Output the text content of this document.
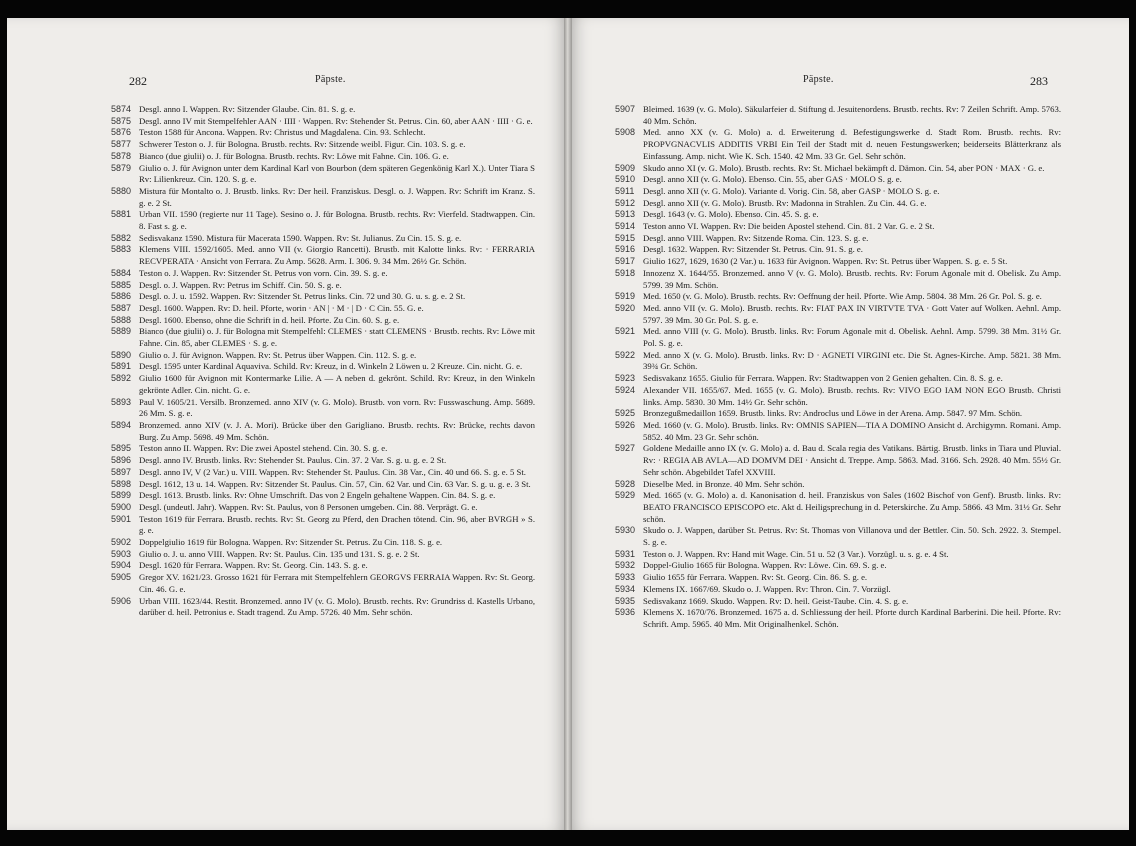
282	Päpste.
5874 Desgl. anno I. Wappen. Rv: Sitzender Glaube. Cin. 81. S. g. e.
5875 Desgl. anno IV mit Stempelfehler AAN · IIII · Wappen. Rv: Stehender St. Petrus. Cin. 60, aber AAN · IIII · G. e.
5876 Teston 1588 für Ancona. Wappen. Rv: Christus und Magdalena. Cin. 93. Schlecht.
5877 Schwerer Teston o. J. für Bologna. Brustb. rechts. Rv: Sitzende weibl. Figur. Cin. 103. S. g. e.
5878 Bianco (due giulii) o. J. für Bologna. Brustb. rechts. Rv: Löwe mit Fahne. Cin. 106. G. e.
5879 Giulio o. J. für Avignon unter dem Kardinal Karl von Bourbon (dem späteren Gegenkönig Karl X.). Unter Tiara S Rv: Lilienkreuz. Cin. 120. S. g. e.
5880 Mistura für Montalto o. J. Brustb. links. Rv: Der heil. Franziskus. Desgl. o. J. Wappen. Rv: Schrift im Kranz. S. g. e. 2 St.
5881 Urban VII. 1590 (regierte nur 11 Tage). Sesino o. J. für Bologna. Brustb. rechts. Rv: Vierfeld. Stadtwappen. Cin. 8. Fast s. g. e.
5882 Sedisvakanz 1590. Mistura für Macerata 1590. Wappen. Rv: St. Julianus. Zu Cin. 15. S. g. e.
5883 Klemens VIII. 1592/1605. Med. anno VII (v. Giorgio Rancetti). Brustb. mit Kalotte links. Rv: · FERRARIA RECVPERATA · Ansicht von Ferrara. Zu Amp. 5628. Arm. I. 306. 9. 34 Mm. 26½ Gr. Schön.
5884 Teston o. J. Wappen. Rv: Sitzender St. Petrus von vorn. Cin. 39. S. g. e.
5885 Desgl. o. J. Wappen. Rv: Petrus im Schiff. Cin. 50. S. g. e.
5886 Desgl. o. J. u. 1592. Wappen. Rv: Sitzender St. Petrus links. Cin. 72 und 30. G. u. s. g. e. 2 St.
5887 Desgl. 1600. Wappen. Rv: D. heil. Pforte, worin · AN | · M · | D · C Cin. 55. G. e.
5888 Desgl. 1600. Ebenso, ohne die Schrift in d. heil. Pforte. Zu Cin. 60. S. g. e.
5889 Bianco (due giulii) o. J. für Bologna mit Stempelfehl: CLEMES · statt CLEMENS · Brustb. rechts. Rv: Löwe mit Fahne. Cin. 85, aber CLEMES · S. g. e.
5890 Giulio o. J. für Avignon. Wappen. Rv: St. Petrus über Wappen. Cin. 112. S. g. e.
5891 Desgl. 1595 unter Kardinal Aquaviva. Schild. Rv: Kreuz, in d. Winkeln 2 Löwen u. 2 Kreuze. Cin. nicht. G. e.
5892 Giulio 1600 für Avignon mit Kontermarke Lilie. A — A neben d. gekrönt. Schild. Rv: Kreuz, in den Winkeln gekrönte Adler. Cin. nicht. G. e.
5893 Paul V. 1605/21. Versilb. Bronzemed. anno XIV (v. G. Molo). Brustb. von vorn. Rv: Fusswaschung. Amp. 5689. 26 Mm. S. g. e.
5894 Bronzemed. anno XIV (v. J. A. Mori). Brücke über den Garigliano. Brustb. rechts. Rv: Brücke, rechts davon Burg. Zu Amp. 5698. 49 Mm. Schön.
5895 Teston anno II. Wappen. Rv: Die zwei Apostel stehend. Cin. 30. S. g. e.
5896 Desgl. anno IV. Brustb. links. Rv: Stehender St. Paulus. Cin. 37. 2 Var. S. g. u. g. e. 2 St.
5897 Desgl. anno IV, V (2 Var.) u. VIII. Wappen. Rv: Stehender St. Paulus. Cin. 38 Var., Cin. 40 und 66. S. g. e. 5 St.
5898 Desgl. 1612, 13 u. 14. Wappen. Rv: Sitzender St. Paulus. Cin. 57, Cin. 62 Var. und Cin. 63 Var. S. g. u. g. e. 3 St.
5899 Desgl. 1613. Brustb. links. Rv: Ohne Umschrift. Das von 2 Engeln gehaltene Wappen. Cin. 84. S. g. e.
5900 Desgl. (undeutl. Jahr). Wappen. Rv: St. Paulus, von 8 Personen umgeben. Cin. 88. Verprägt. G. e.
5901 Teston 1619 für Ferrara. Brustb. rechts. Rv: St. Georg zu Pferd, den Drachen tötend. Cin. 96, aber BVRGH » S. g. e.
5902 Doppelgiulio 1619 für Bologna. Wappen. Rv: Sitzender St. Petrus. Zu Cin. 118. S. g. e.
5903 Giulio o. J. u. anno VIII. Wappen. Rv: St. Paulus. Cin. 135 und 131. S. g. e. 2 St.
5904 Desgl. 1620 für Ferrara. Wappen. Rv: St. Georg. Cin. 143. S. g. e.
5905 Gregor XV. 1621/23. Grosso 1621 für Ferrara mit Stempelfehlern GEORGVS FERRAIA Wappen. Rv: St. Georg. Cin. 46. G. e.
5906 Urban VIII. 1623/44. Restit. Bronzemed. anno IV (v. G. Molo). Brustb. rechts. Rv: Grundriss d. Kastells Urbano, darüber d. heil. Petronius e. Stadt tragend. Zu Amp. 5726. 40 Mm. Sehr schön.
Päpste.	283
5907 Bleimed. 1639 (v. G. Molo). Säkularfeier d. Stiftung d. Jesuitenordens. Brustb. rechts. Rv: 7 Zeilen Schrift. Amp. 5763. 40 Mm. Schön.
5908 Med. anno XX (v. G. Molo) a. d. Erweiterung d. Befestigungswerke d. Stadt Rom. Brustb. rechts. Rv: PROPVGNACVLIS ADDITIS VRBI Ein Teil der Stadt mit d. neuen Festungswerken; beiderseits Blätterkranz als Einfassung. Amp. nicht. Wie K. Sch. 1540. 42 Mm. 33 Gr. Gel. Sehr schön.
5909 Skudo anno XI (v. G. Molo). Brustb. rechts. Rv: St. Michael bekämpft d. Dämon. Cin. 54, aber PON · MAX · G. e.
5910 Desgl. anno XII (v. G. Molo). Ebenso. Cin. 55, aber GAS · MOLO S. g. e.
5911 Desgl. anno XII (v. G. Molo). Variante d. Vorig. Cin. 58, aber GASP · MOLO S. g. e.
5912 Desgl. anno XII (v. G. Molo). Brustb. Rv: Madonna in Strahlen. Zu Cin. 44. G. e.
5913 Desgl. 1643 (v. G. Molo). Ebenso. Cin. 45. S. g. e.
5914 Teston anno VI. Wappen. Rv: Die beiden Apostel stehend. Cin. 81. 2 Var. G. e. 2 St.
5915 Desgl. anno VIII. Wappen. Rv: Sitzende Roma. Cin. 123. S. g. e.
5916 Desgl. 1632. Wappen. Rv: Sitzender St. Petrus. Cin. 91. S. g. e.
5917 Giulio 1627, 1629, 1630 (2 Var.) u. 1633 für Avignon. Wappen. Rv: St. Petrus über Wappen. S. g. e. 5 St.
5918 Innozenz X. 1644/55. Bronzemed. anno V (v. G. Molo). Brustb. rechts. Rv: Forum Agonale mit d. Obelisk. Zu Amp. 5799. 39 Mm. Schön.
5919 Med. 1650 (v. G. Molo). Brustb. rechts. Rv: Oeffnung der heil. Pforte. Wie Amp. 5804. 38 Mm. 26 Gr. Pol. S. g. e.
5920 Med. anno VII (v. G. Molo). Brustb. rechts. Rv: FIAT PAX IN VIRTVTE TVA · Gott Vater auf Wolken. Aehnl. Amp. 5797. 39 Mm. 30 Gr. Pol. S. g. e.
5921 Med. anno VIII (v. G. Molo). Brustb. links. Rv: Forum Agonale mit d. Obelisk. Aehnl. Amp. 5799. 38 Mm. 31½ Gr. Pol. S. g. e.
5922 Med. anno X (v. G. Molo). Brustb. links. Rv: D · AGNETI VIRGINI etc. Die St. Agnes-Kirche. Amp. 5821. 38 Mm. 39¾ Gr. Schön.
5923 Sedisvakanz 1655. Giulio für Ferrara. Wappen. Rv: Stadtwappen von 2 Genien gehalten. Cin. 8. S. g. e.
5924 Alexander VII. 1655/67. Med. 1655 (v. G. Molo). Brustb. rechts. Rv: VIVO EGO IAM NON EGO Brustb. Christi links. Amp. 5830. 30 Mm. 14½ Gr. Sehr schön.
5925 Bronzegußmedaillon 1659. Brustb. links. Rv: Androclus und Löwe in der Arena. Amp. 5847. 97 Mm. Schön.
5926 Med. 1660 (v. G. Molo). Brustb. links. Rv: OMNIS SAPIEN—TIA A DOMINO Ansicht d. Archigymn. Romani. Amp. 5852. 40 Mm. 23 Gr. Sehr schön.
5927 Goldene Medaille anno IX (v. G. Molo) a. d. Bau d. Scala regia des Vatikans. Bärtig. Brustb. links in Tiara und Pluvial. Rv: · REGIA AB AVLA—AD DOMVM DEI · Ansicht d. Treppe. Amp. 5863. Mad. 3166. Sch. 2928. 40 Mm. 55½ Gr. Sehr schön. Abgebildet Tafel XXVIII.
5928 Dieselbe Med. in Bronze. 40 Mm. Sehr schön.
5929 Med. 1665 (v. G. Molo) a. d. Kanonisation d. heil. Franziskus von Sales (1602 Bischof von Genf). Brustb. links. Rv: BEATO FRANCISCO EPISCOPO etc. Akt d. Heiligsprechung in d. Peterskirche. Zu Amp. 5866. 43 Mm. 31½ Gr. Sehr schön.
5930 Skudo o. J. Wappen, darüber St. Petrus. Rv: St. Thomas von Villanova und der Bettler. Cin. 50. Sch. 2922. 3. Stempel. S. g. e.
5931 Teston o. J. Wappen. Rv: Hand mit Wage. Cin. 51 u. 52 (3 Var.). Vorzügl. u. s. g. e. 4 St.
5932 Doppel-Giulio 1665 für Bologna. Wappen. Rv: Löwe. Cin. 69. S. g. e.
5933 Giulio 1655 für Ferrara. Wappen. Rv: St. Georg. Cin. 86. S. g. e.
5934 Klemens IX. 1667/69. Skudo o. J. Wappen. Rv: Thron. Cin. 7. Vorzügl.
5935 Sedisvakanz 1669. Skudo. Wappen. Rv: D. heil. Geist-Taube. Cin. 4. S. g. e.
5936 Klemens X. 1670/76. Bronzemed. 1675 a. d. Schliessung der heil. Pforte durch Kardinal Barberini. Die heil. Pforte. Rv: Schrift. Amp. 5965. 40 Mm. Mit Originalhenkel. Schön.
